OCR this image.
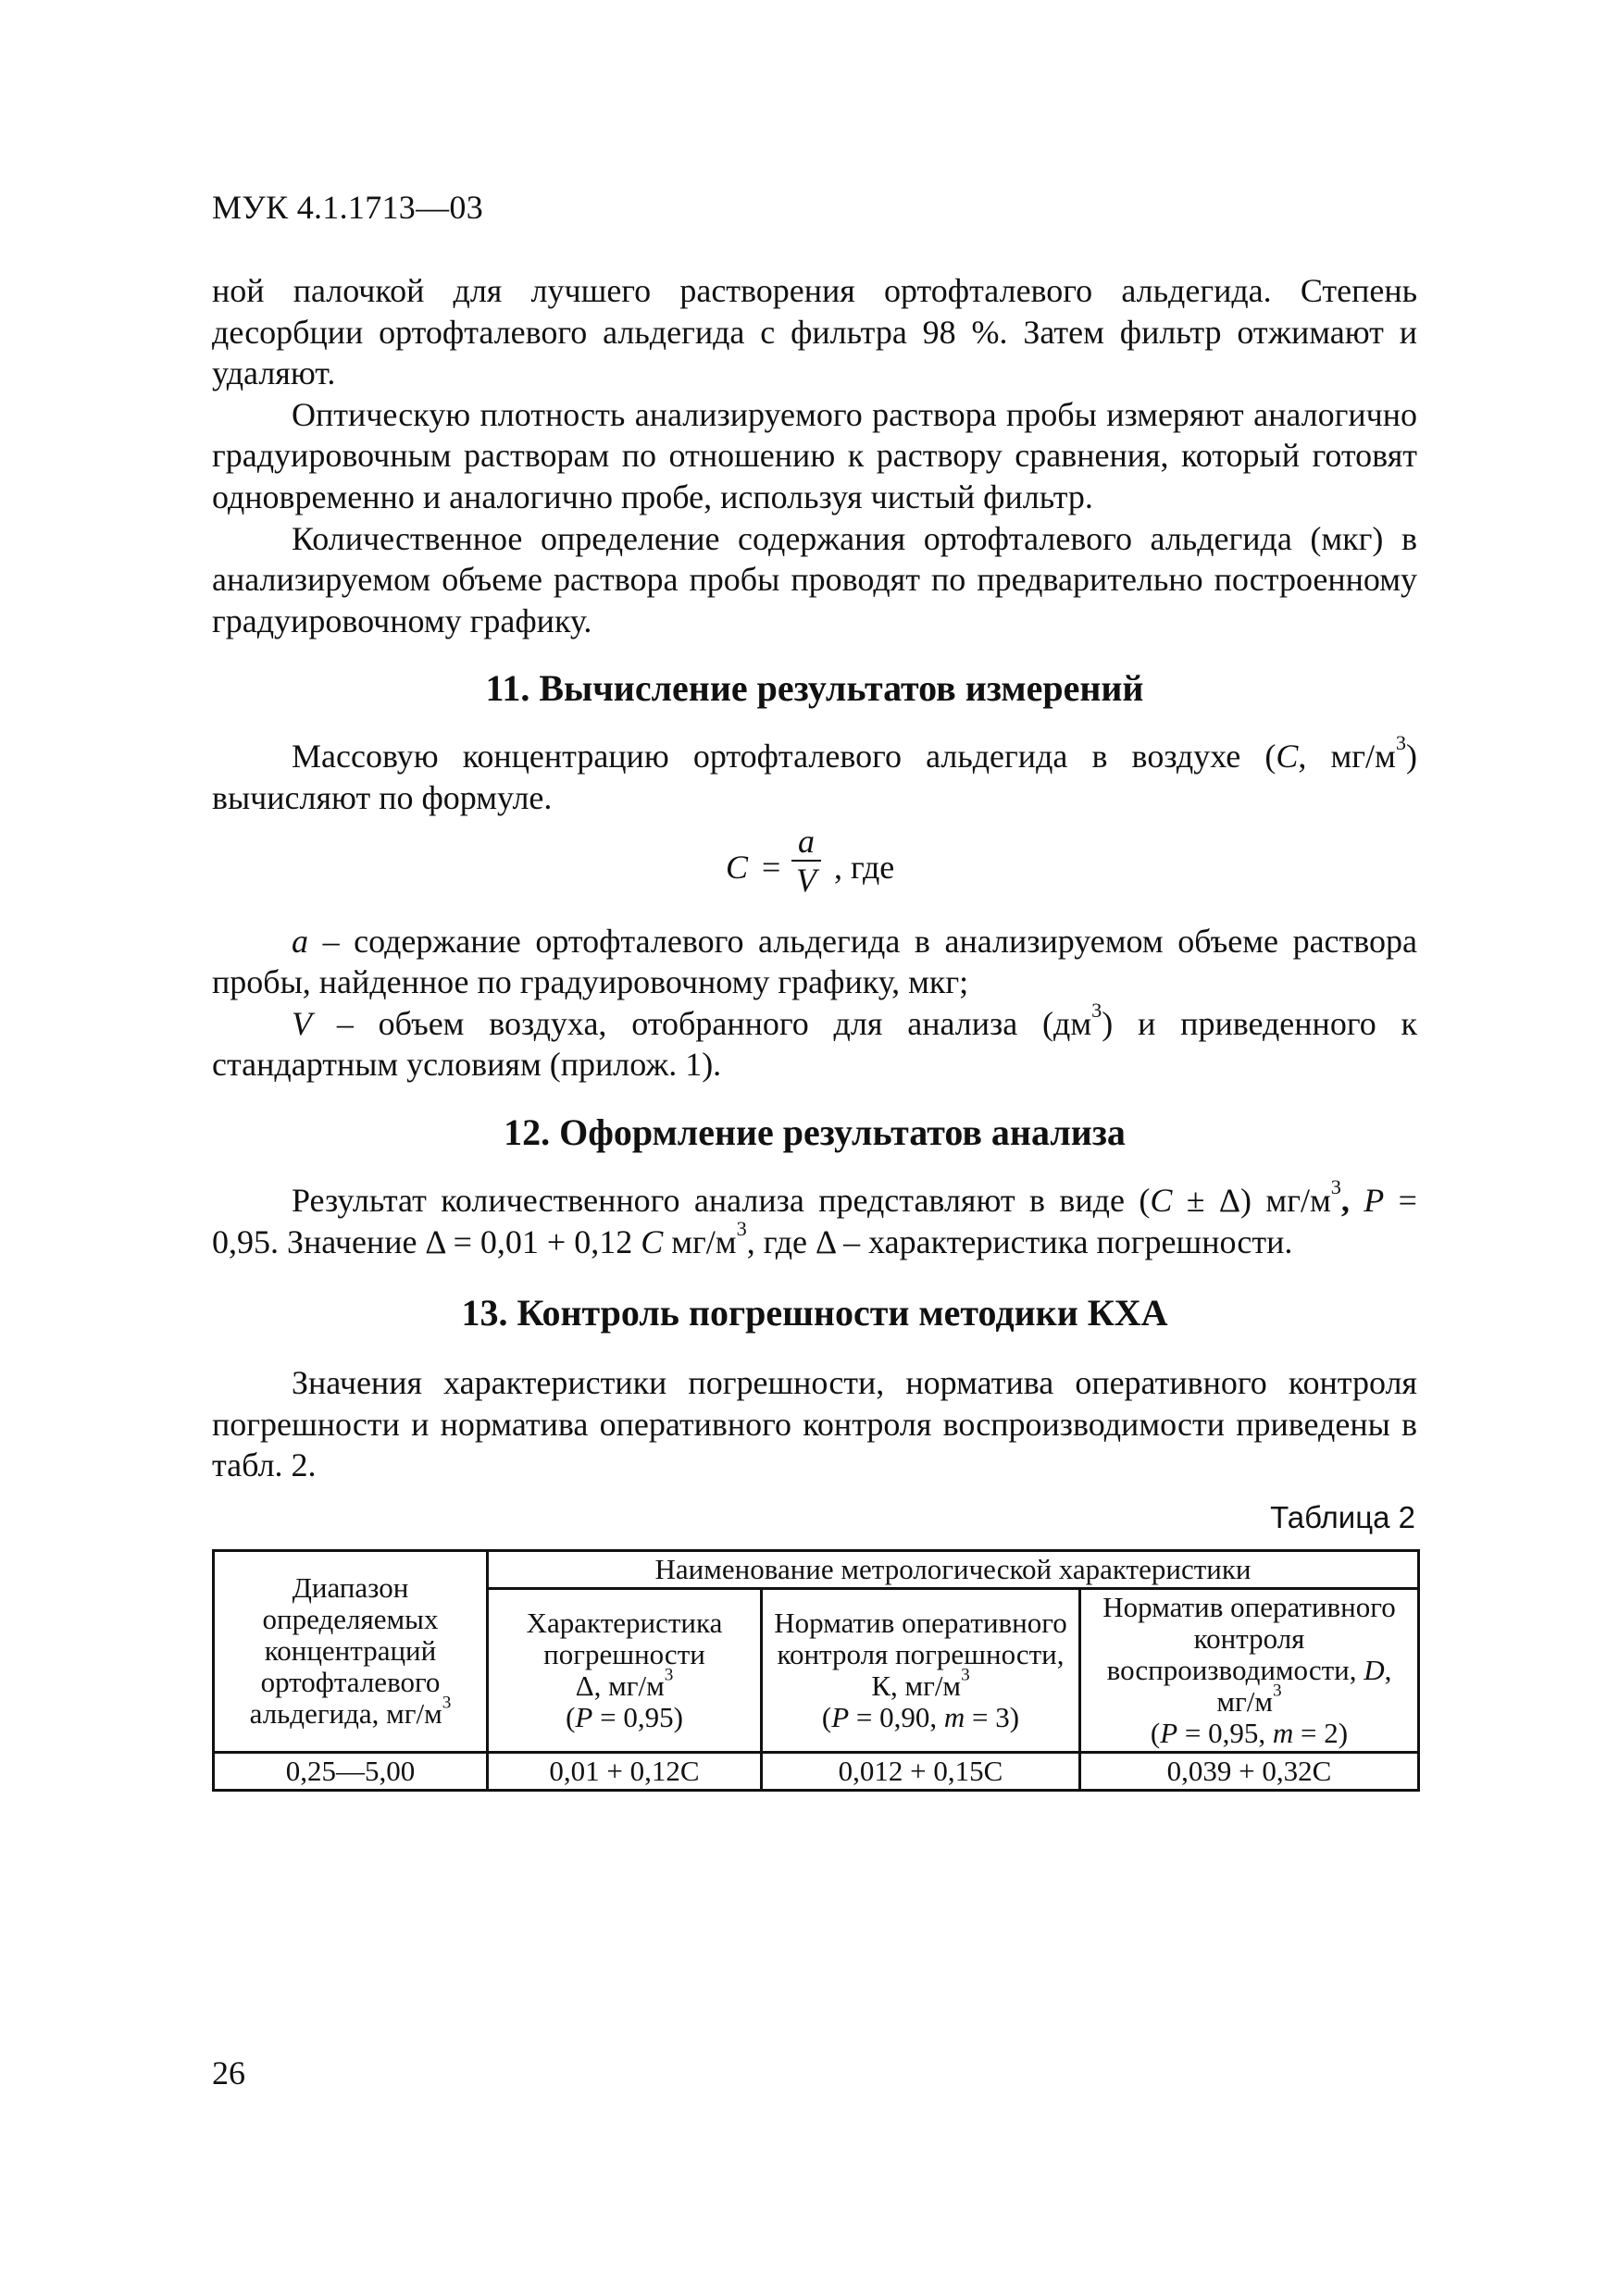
МУК 4.1.1713—03

ной палочкой для лучшего растворения ортофталевого альдегида. Степень десорбции ортофталевого альдегида с фильтра 98 %. Затем фильтр отжимают и удаляют.

Оптическую плотность анализируемого раствора пробы измеряют аналогично градуировочным растворам по отношению к раствору сравнения, который готовят одновременно и аналогично пробе, используя чистый фильтр.

Количественное определение содержания ортофталевого альдегида (мкг) в анализируемом объеме раствора пробы проводят по предварительно построенному градуировочному графику.

11. Вычисление результатов измерений

Массовую концентрацию ортофталевого альдегида в воздухе (C, $мг/м^3$) вычисляют по формуле.

C =
a
V , где

a – содержание ортофталевого альдегида в анализируемом объеме раствора пробы, найденное по градуировочному графику, мкг;

V – объем воздуха, отобранного для анализа $(дм^3)$ и приведенного к стандартным условиям (прилож. 1).

12. Оформление результатов анализа

Результат количественного анализа представляют в виде (C ± Δ) $мг/м^3$, P = 0,95. Значение Δ = 0,01 + 0,12 C $мг/м^3$, где Δ – характеристика погрешности.

13. Контроль погрешности методики КХА

Значения характеристики погрешности, норматива оперативного контроля погрешности и норматива оперативного контроля воспроизводимости приведены в табл. 2.

Таблица 2
Диапазон определяемых концентраций ортофталевого альдегида, $мг/м^3$	Наименование метрологической характеристики		
	Характеристика погрешности
Δ, $мг/м^3$
(P = 0,95)	Норматив оперативного контроля погрешности,
К, $мг/м^3$
(P = 0,90, m = 3)	Норматив оперативного контроля воспроизводимости, D,
$мг/м^3$
(P = 0,95, m = 2)
0,25—5,00	0,01 + 0,12С	0,012 + 0,15С	0,039 + 0,32С
26
